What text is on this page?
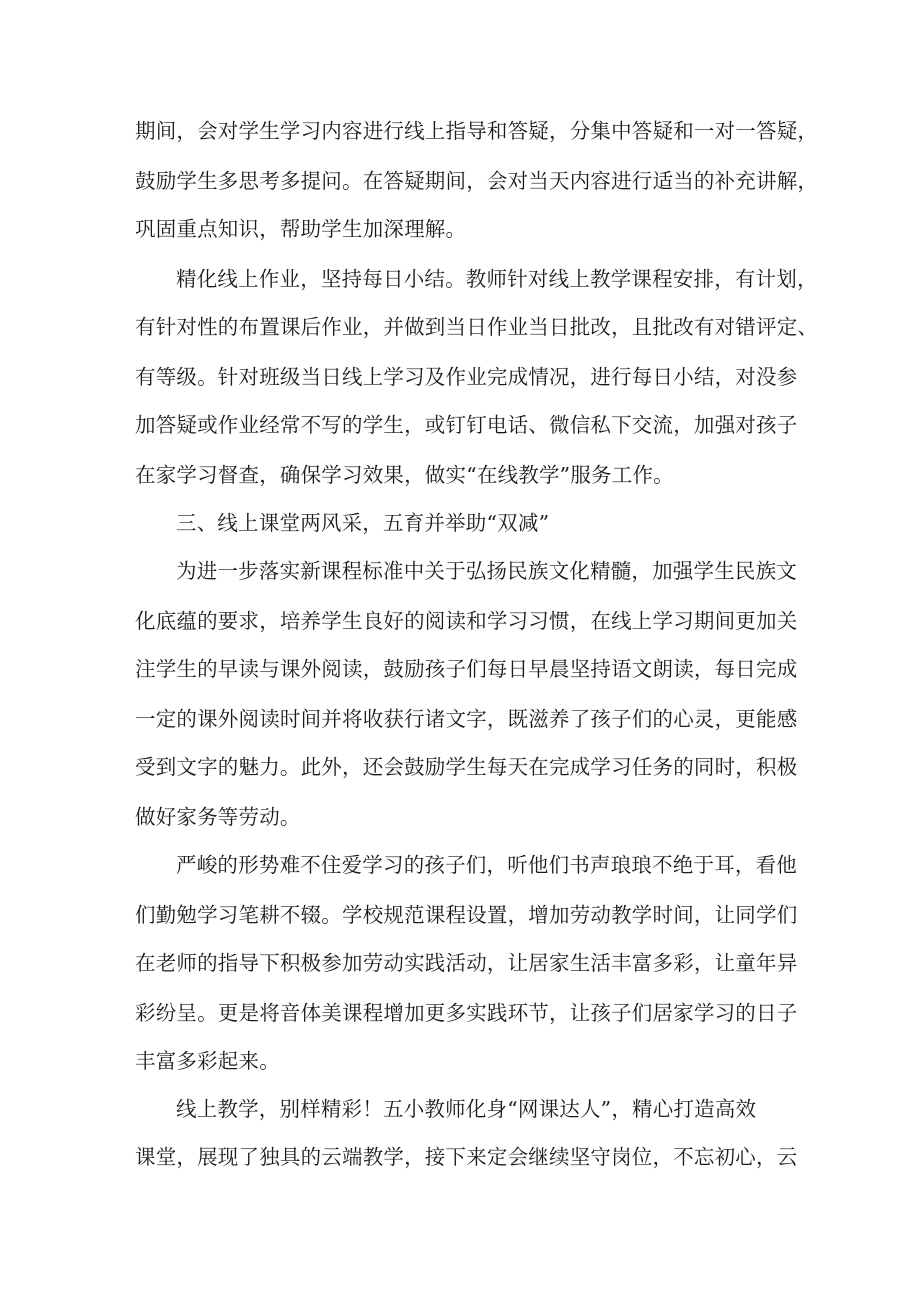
期间，会对学生学习内容进行线上指导和答疑，分集中答疑和一对一答疑，
鼓励学生多思考多提问。在答疑期间，会对当天内容进行适当的补充讲解，
巩固重点知识，帮助学生加深理解。
精化线上作业，坚持每日小结。教师针对线上教学课程安排，有计划，
有针对性的布置课后作业，并做到当日作业当日批改，且批改有对错评定、
有等级。针对班级当日线上学习及作业完成情况，进行每日小结，对没参
加答疑或作业经常不写的学生，或钉钉电话、微信私下交流，加强对孩子
在家学习督查，确保学习效果，做实“在线教学”服务工作。
三、线上课堂两风采，五育并举助“双减”
为进一步落实新课程标准中关于弘扬民族文化精髓，加强学生民族文
化底蕴的要求，培养学生良好的阅读和学习习惯，在线上学习期间更加关
注学生的早读与课外阅读，鼓励孩子们每日早晨坚持语文朗读，每日完成
一定的课外阅读时间并将收获行诸文字，既滋养了孩子们的心灵，更能感
受到文字的魅力。此外，还会鼓励学生每天在完成学习任务的同时，积极
做好家务等劳动。
严峻的形势难不住爱学习的孩子们，听他们书声琅琅不绝于耳，看他
们勤勉学习笔耕不辍。学校规范课程设置，增加劳动教学时间，让同学们
在老师的指导下积极参加劳动实践活动，让居家生活丰富多彩，让童年异
彩纷呈。更是将音体美课程增加更多实践环节，让孩子们居家学习的日子
丰富多彩起来。
线上教学，别样精彩！五小教师化身“网课达人”，精心打造高效
课堂，展现了独具的云端教学，接下来定会继续坚守岗位，不忘初心，云
